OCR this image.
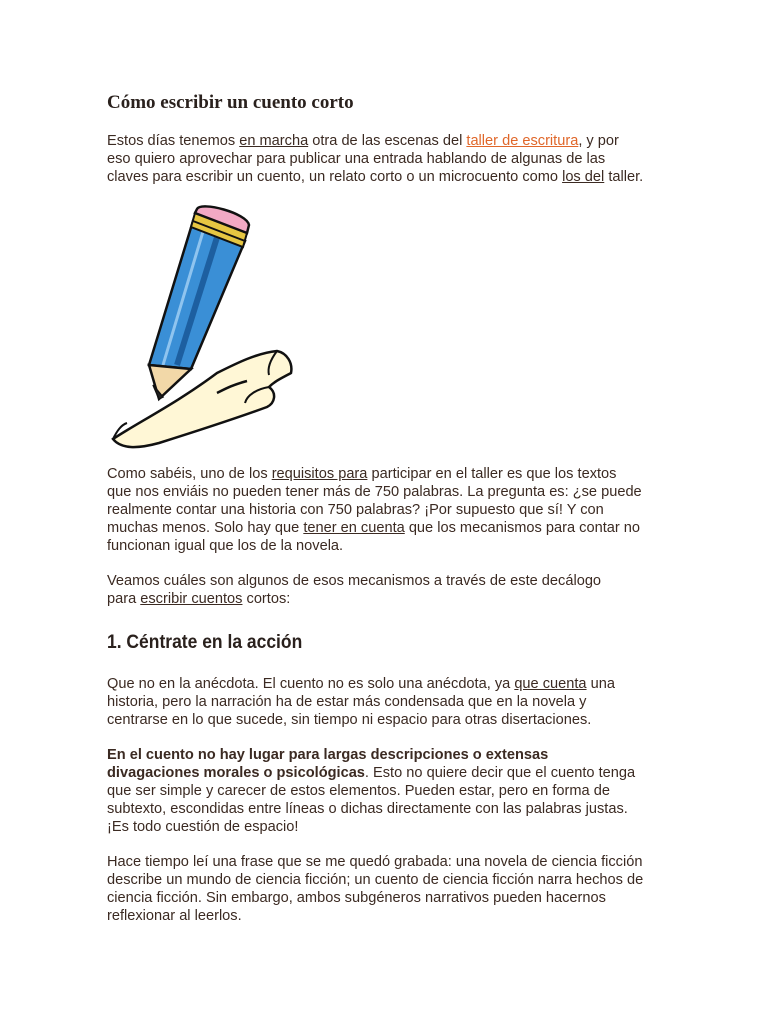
Cómo escribir un cuento corto

Estos días tenemos en marcha otra de las escenas del taller de escritura, y por
eso quiero aprovechar para publicar una entrada hablando de algunas de las
claves para escribir un cuento, un relato corto o un microcuento como los del taller.

Como sabéis, uno de los requisitos para participar en el taller es que los textos
que nos enviáis no pueden tener más de 750 palabras. La pregunta es: ¿se puede
realmente contar una historia con 750 palabras? ¡Por supuesto que sí! Y con
muchas menos. Solo hay que tener en cuenta que los mecanismos para contar no
funcionan igual que los de la novela.

Veamos cuáles son algunos de esos mecanismos a través de este decálogo
para escribir cuentos cortos:

1. Céntrate en la acción

Que no en la anécdota. El cuento no es solo una anécdota, ya que cuenta una
historia, pero la narración ha de estar más condensada que en la novela y
centrarse en lo que sucede, sin tiempo ni espacio para otras disertaciones.

En el cuento no hay lugar para largas descripciones o extensas
divagaciones morales o psicológicas. Esto no quiere decir que el cuento tenga
que ser simple y carecer de estos elementos. Pueden estar, pero en forma de
subtexto, escondidas entre líneas o dichas directamente con las palabras justas.
¡Es todo cuestión de espacio!

Hace tiempo leí una frase que se me quedó grabada: una novela de ciencia ficción
describe un mundo de ciencia ficción; un cuento de ciencia ficción narra hechos de
ciencia ficción. Sin embargo, ambos subgéneros narrativos pueden hacernos
reflexionar al leerlos.
